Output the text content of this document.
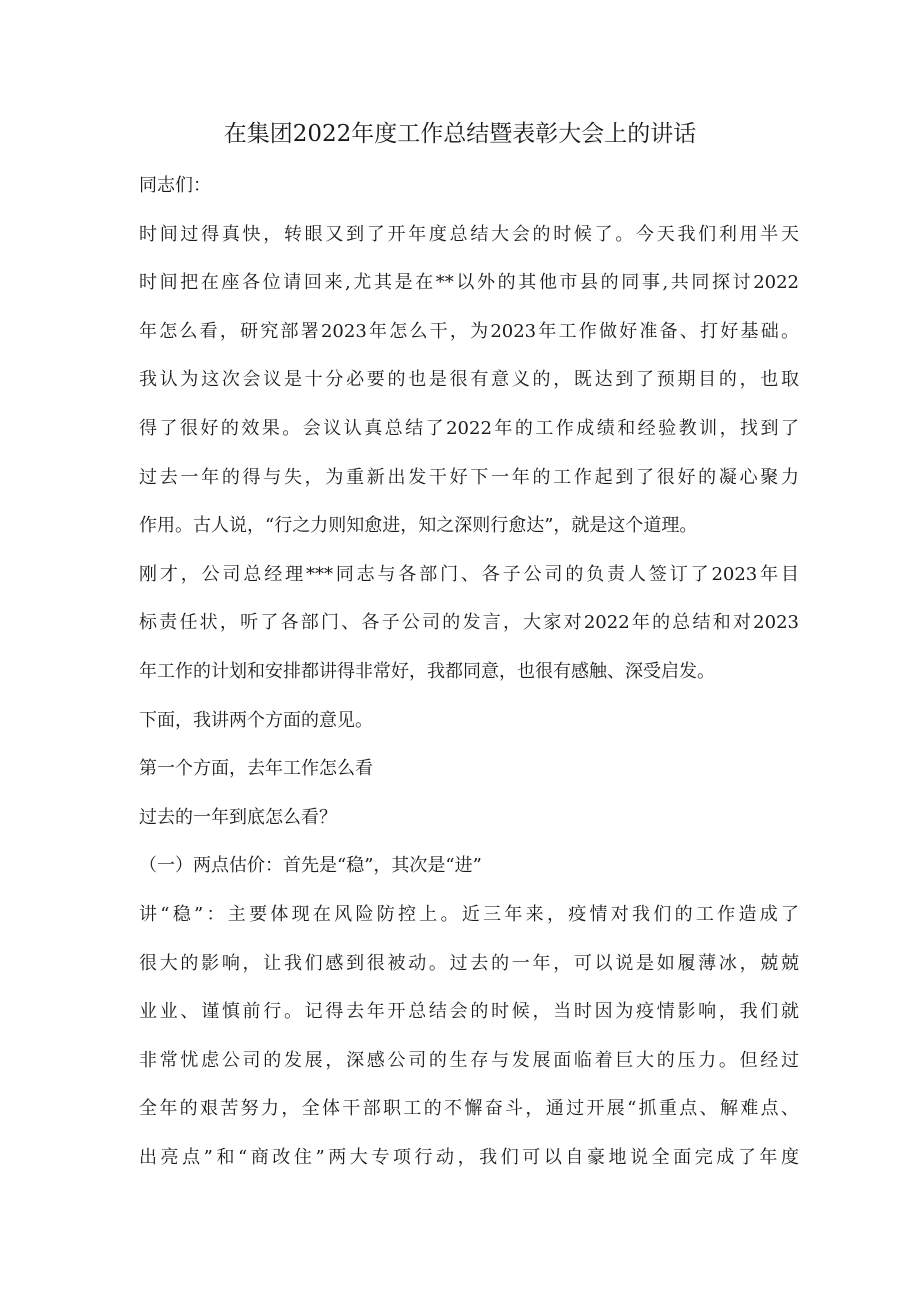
在集团2022年度工作总结暨表彰大会上的讲话
同志们：
时间过得真快，转眼又到了开年度总结大会的时候了。今天我们利用半天
时间把在座各位请回来,尤其是在**以外的其他市县的同事,共同探讨2022
年怎么看，研究部署2023年怎么干，为2023年工作做好准备、打好基础。
我认为这次会议是十分必要的也是很有意义的，既达到了预期目的，也取
得了很好的效果。会议认真总结了2022年的工作成绩和经验教训，找到了
过去一年的得与失，为重新出发干好下一年的工作起到了很好的凝心聚力
作用。古人说，“行之力则知愈进，知之深则行愈达”，就是这个道理。
刚才，公司总经理***同志与各部门、各子公司的负责人签订了2023年目
标责任状，听了各部门、各子公司的发言，大家对2022年的总结和对2023
年工作的计划和安排都讲得非常好，我都同意，也很有感触、深受启发。
下面，我讲两个方面的意见。
第一个方面，去年工作怎么看
过去的一年到底怎么看？
（一）两点估价：首先是“稳”，其次是“进”
讲“稳”：主要体现在风险防控上。近三年来，疫情对我们的工作造成了
很大的影响，让我们感到很被动。过去的一年，可以说是如履薄冰，兢兢
业业、谨慎前行。记得去年开总结会的时候，当时因为疫情影响，我们就
非常忧虑公司的发展，深感公司的生存与发展面临着巨大的压力。但经过
全年的艰苦努力，全体干部职工的不懈奋斗，通过开展“抓重点、解难点、
出亮点”和“商改住”两大专项行动，我们可以自豪地说全面完成了年度
